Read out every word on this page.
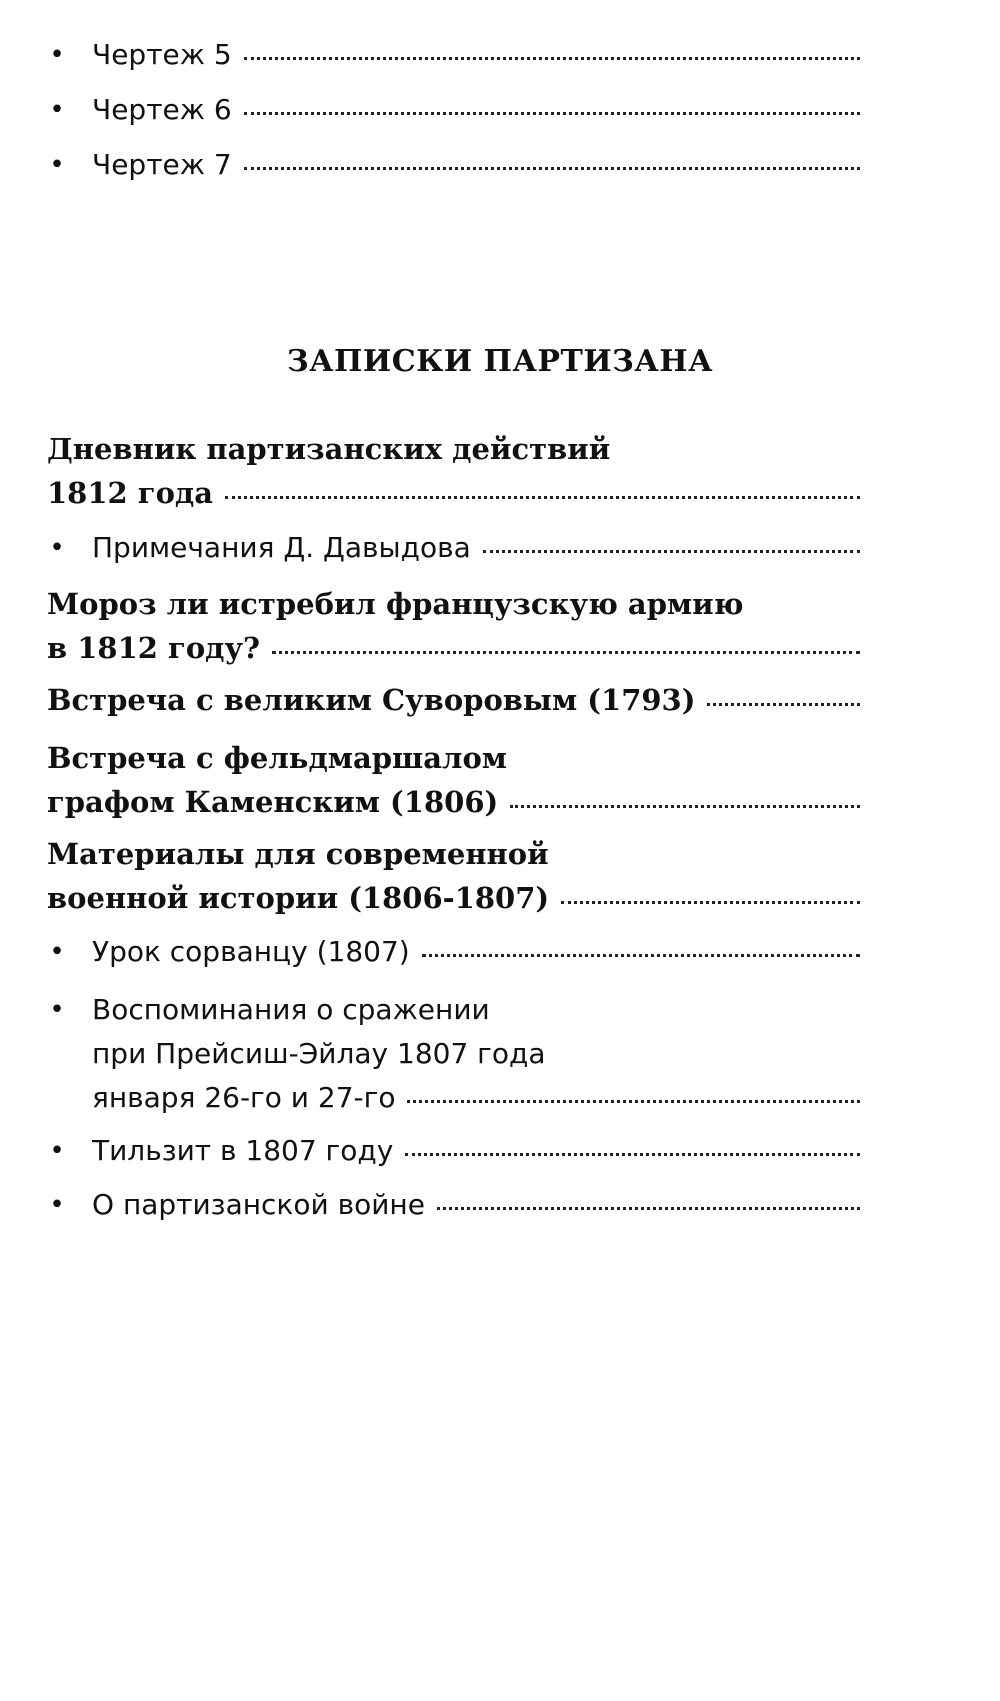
• Чертеж 5
• Чертеж 6
• Чертеж 7
ЗАПИСКИ ПАРТИЗАНА
Дневник партизанских действий
1812 года
• Примечания Д. Давыдова
Мороз ли истребил французскую армию
в 1812 году?
Встреча с великим Суворовым (1793)
Встреча с фельдмаршалом
графом Каменским (1806)
Материалы для современной
военной истории (1806-1807)
• Урок сорванцу (1807)
• Воспоминания о сражении
при Прейсиш-Эйлау 1807 года
января 26-го и 27-го
• Тильзит в 1807 году
• О партизанской войне
